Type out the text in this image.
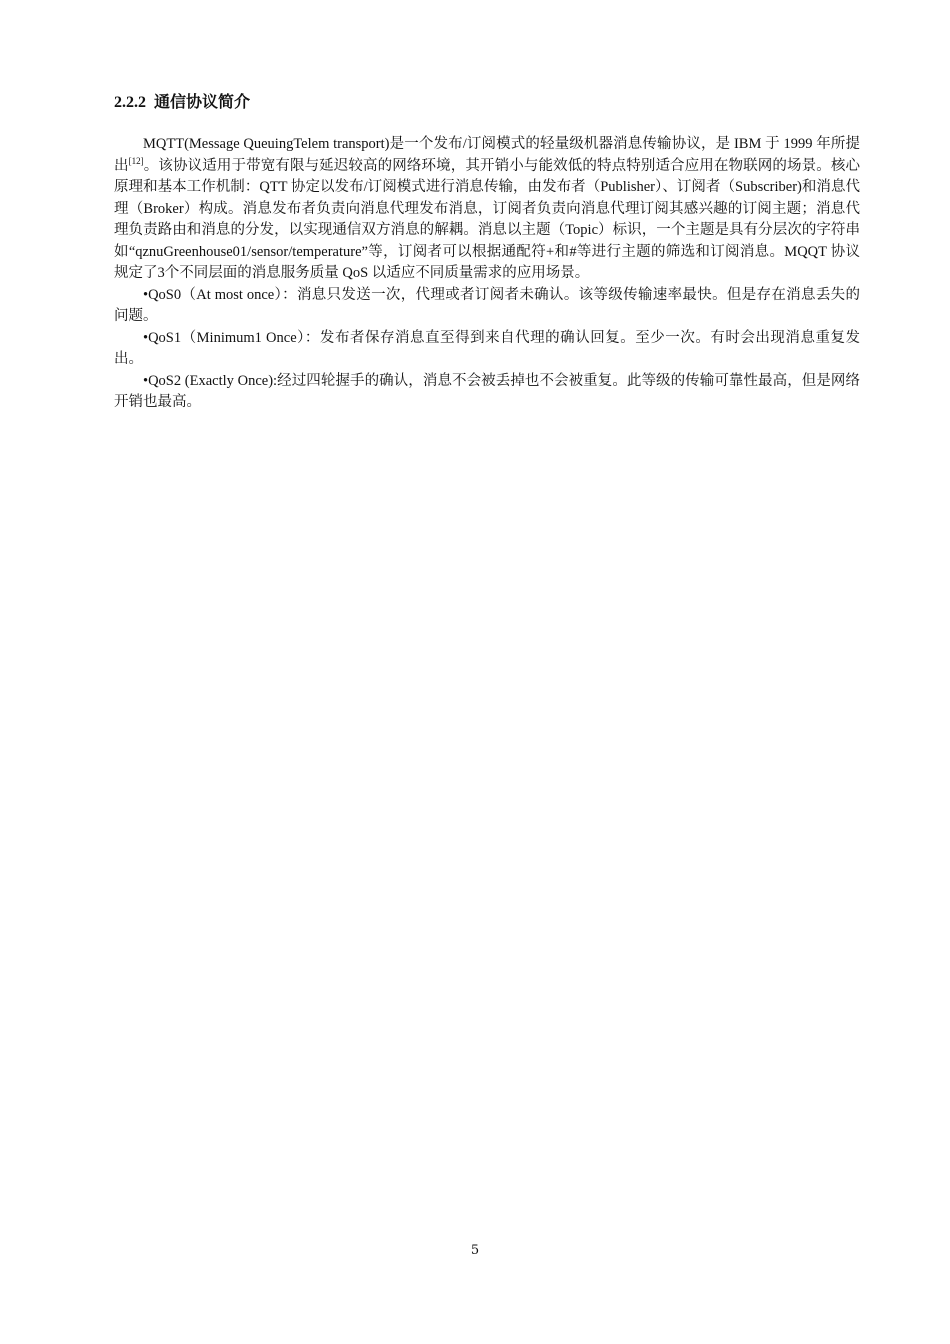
2.2.2 通信协议简介

MQTT(Message QueuingTelem transport)是一个发布/订阅模式的轻量级机器消息传输协议，是 IBM 于 1999 年所提出[12]。该协议适用于带宽有限与延迟较高的网络环境，其开销小与能效低的特点特别适合应用在物联网的场景。核心原理和基本工作机制：QTT 协定以发布/订阅模式进行消息传输，由发布者（Publisher）、订阅者（Subscriber)和消息代理（Broker）构成。消息发布者负责向消息代理发布消息，订阅者负责向消息代理订阅其感兴趣的订阅主题；消息代理负责路由和消息的分发，以实现通信双方消息的解耦。消息以主题（Topic）标识，一个主题是具有分层次的字符串如“qznuGreenhouse01/sensor/temperature”等，订阅者可以根据通配符+和#等进行主题的筛选和订阅消息。MQQT 协议规定了3个不同层面的消息服务质量 QoS 以适应不同质量需求的应用场景。

•QoS0（At most once）：消息只发送一次，代理或者订阅者未确认。该等级传输速率最快。但是存在消息丢失的问题。

•QoS1（Minimum1 Once）：发布者保存消息直至得到来自代理的确认回复。至少一次。有时会出现消息重复发出。

•QoS2 (Exactly Once):经过四轮握手的确认，消息不会被丢掉也不会被重复。此等级的传输可靠性最高，但是网络开销也最高。

5
